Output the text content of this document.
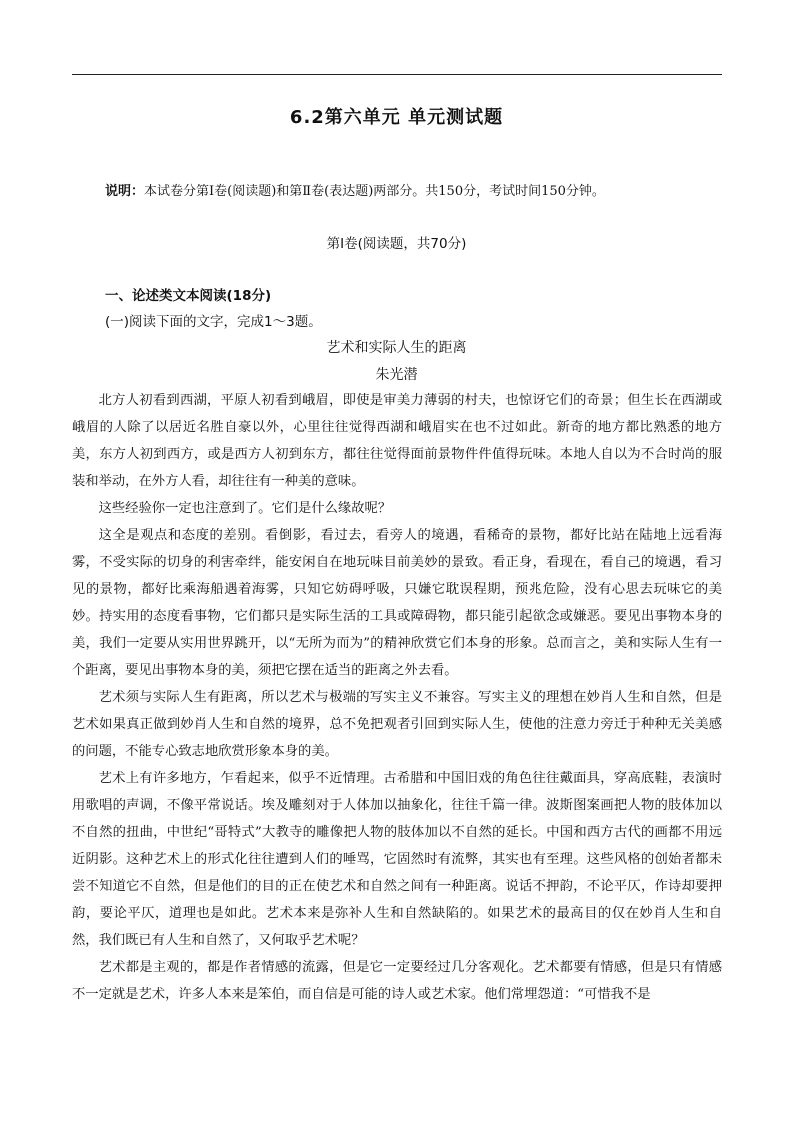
6.2第六单元 单元测试题
说明：本试卷分第Ⅰ卷(阅读题)和第Ⅱ卷(表达题)两部分。共150分，考试时间150分钟。
第Ⅰ卷(阅读题，共70分)
一、论述类文本阅读(18分)
(一)阅读下面的文字，完成1～3题。
艺术和实际人生的距离
朱光潜

北方人初看到西湖，平原人初看到峨眉，即使是审美力薄弱的村夫，也惊讶它们的奇景；但生长在西湖或峨眉的人除了以居近名胜自豪以外，心里往往觉得西湖和峨眉实在也不过如此。新奇的地方都比熟悉的地方美，东方人初到西方，或是西方人初到东方，都往往觉得面前景物件件值得玩味。本地人自以为不合时尚的服装和举动，在外方人看，却往往有一种美的意味。

这些经验你一定也注意到了。它们是什么缘故呢？

这全是观点和态度的差别。看倒影，看过去，看旁人的境遇，看稀奇的景物，都好比站在陆地上远看海雾，不受实际的切身的利害牵绊，能安闲自在地玩味目前美妙的景致。看正身，看现在，看自己的境遇，看习见的景物，都好比乘海船遇着海雾，只知它妨碍呼吸，只嫌它耽误程期，预兆危险，没有心思去玩味它的美妙。持实用的态度看事物，它们都只是实际生活的工具或障碍物，都只能引起欲念或嫌恶。要见出事物本身的美，我们一定要从实用世界跳开，以“无所为而为”的精神欣赏它们本身的形象。总而言之，美和实际人生有一个距离，要见出事物本身的美，须把它摆在适当的距离之外去看。

艺术须与实际人生有距离，所以艺术与极端的写实主义不兼容。写实主义的理想在妙肖人生和自然，但是艺术如果真正做到妙肖人生和自然的境界，总不免把观者引回到实际人生，使他的注意力旁迁于种种无关美感的问题，不能专心致志地欣赏形象本身的美。

艺术上有许多地方，乍看起来，似乎不近情理。古希腊和中国旧戏的角色往往戴面具，穿高底鞋，表演时用歌唱的声调，不像平常说话。埃及雕刻对于人体加以抽象化，往往千篇一律。波斯图案画把人物的肢体加以不自然的扭曲，中世纪“哥特式”大教寺的雕像把人物的肢体加以不自然的延长。中国和西方古代的画都不用远近阴影。这种艺术上的形式化往往遭到人们的唾骂，它固然时有流弊，其实也有至理。这些风格的创始者都未尝不知道它不自然，但是他们的目的正在使艺术和自然之间有一种距离。说话不押韵，不论平仄，作诗却要押韵，要论平仄，道理也是如此。艺术本来是弥补人生和自然缺陷的。如果艺术的最高目的仅在妙肖人生和自然，我们既已有人生和自然了，又何取乎艺术呢？

艺术都是主观的，都是作者情感的流露，但是它一定要经过几分客观化。艺术都要有情感，但是只有情感不一定就是艺术，许多人本来是笨伯，而自信是可能的诗人或艺术家。他们常埋怨道：“可惜我不是
